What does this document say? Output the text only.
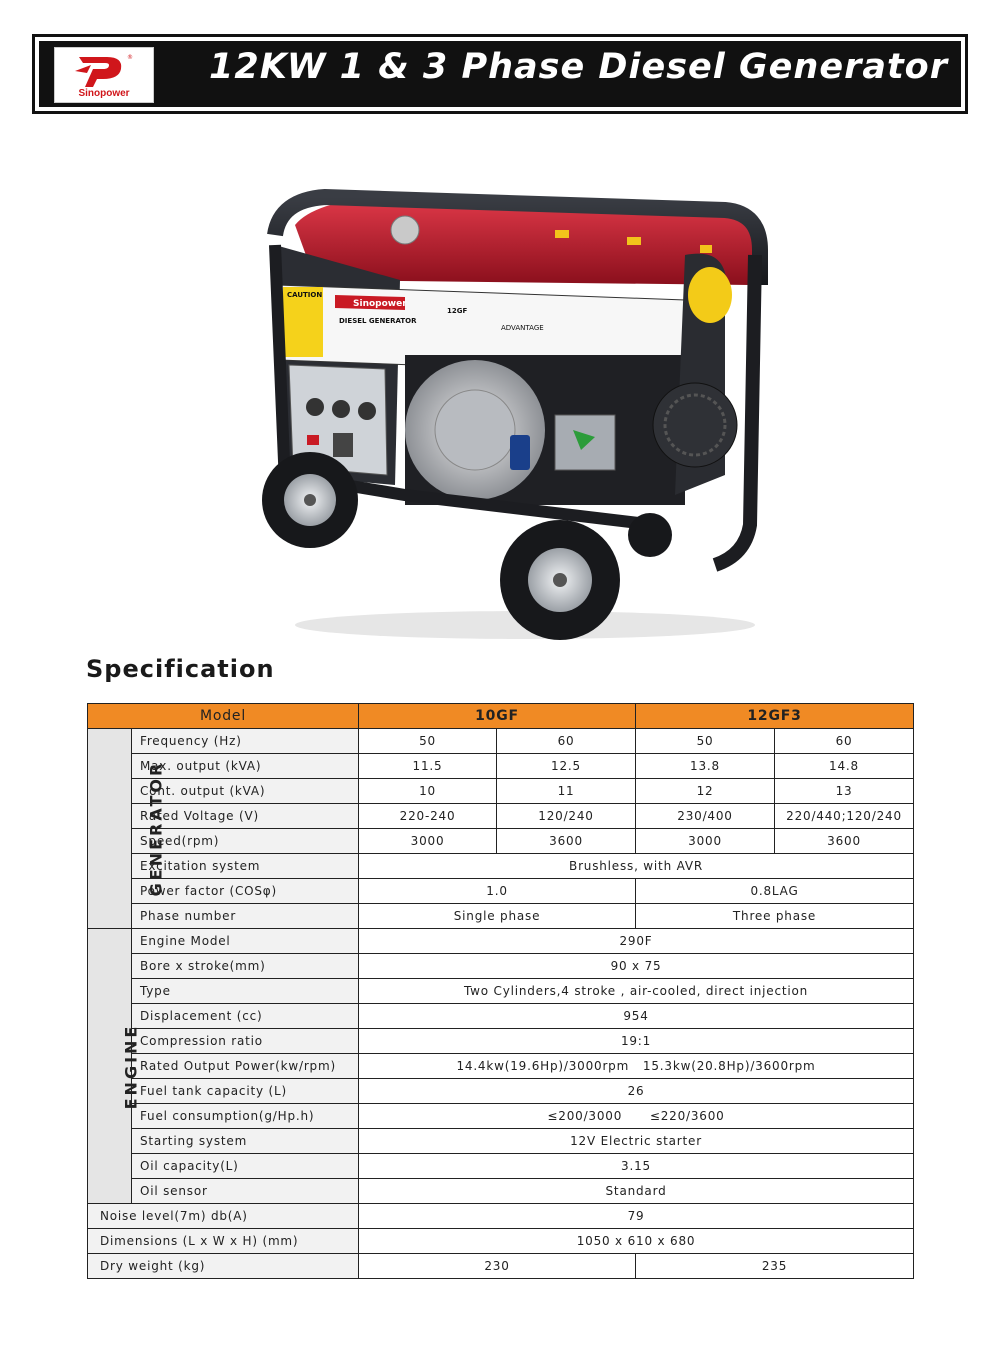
®
Sinopower
12KW 1 & 3 Phase Diesel Generator
CAUTION
Sinopower
DIESEL GENERATOR
12GF
ADVANTAGE
Specification
Model		10GF		12GF3	
GENERATOR	Frequency (Hz)	50	60	50	60
	Max. output (kVA)	11.5	12.5	13.8	14.8
	Cont. output (kVA)	10	11	12	13
	Rated Voltage (V)	220-240	120/240	230/400	220/440;120/240
	Speed(rpm)	3000	3600	3000	3600
	Excitation system	Brushless, with AVR			
	Power factor (COSφ)	1.0		0.8LAG	
	Phase number	Single phase		Three phase	
ENGINE	Engine Model	290F			
	Bore x stroke(mm)	90 x 75			
	Type	Two Cylinders,4 stroke , air-cooled, direct injection			
	Displacement (cc)	954			
	Compression ratio	19:1			
	Rated Output Power(kw/rpm)	14.4kw(19.6Hp)/3000rpm   15.3kw(20.8Hp)/3600rpm			
	Fuel tank capacity (L)	26			
	Fuel consumption(g/Hp.h)	≤200/3000      ≤220/3600			
	Starting system	12V Electric starter			
	Oil capacity(L)	3.15			
	Oil sensor	Standard			
Noise level(7m) db(A)		79			
Dimensions (L x W x H) (mm)		1050 x 610 x 680			
Dry weight (kg)		230		235	
